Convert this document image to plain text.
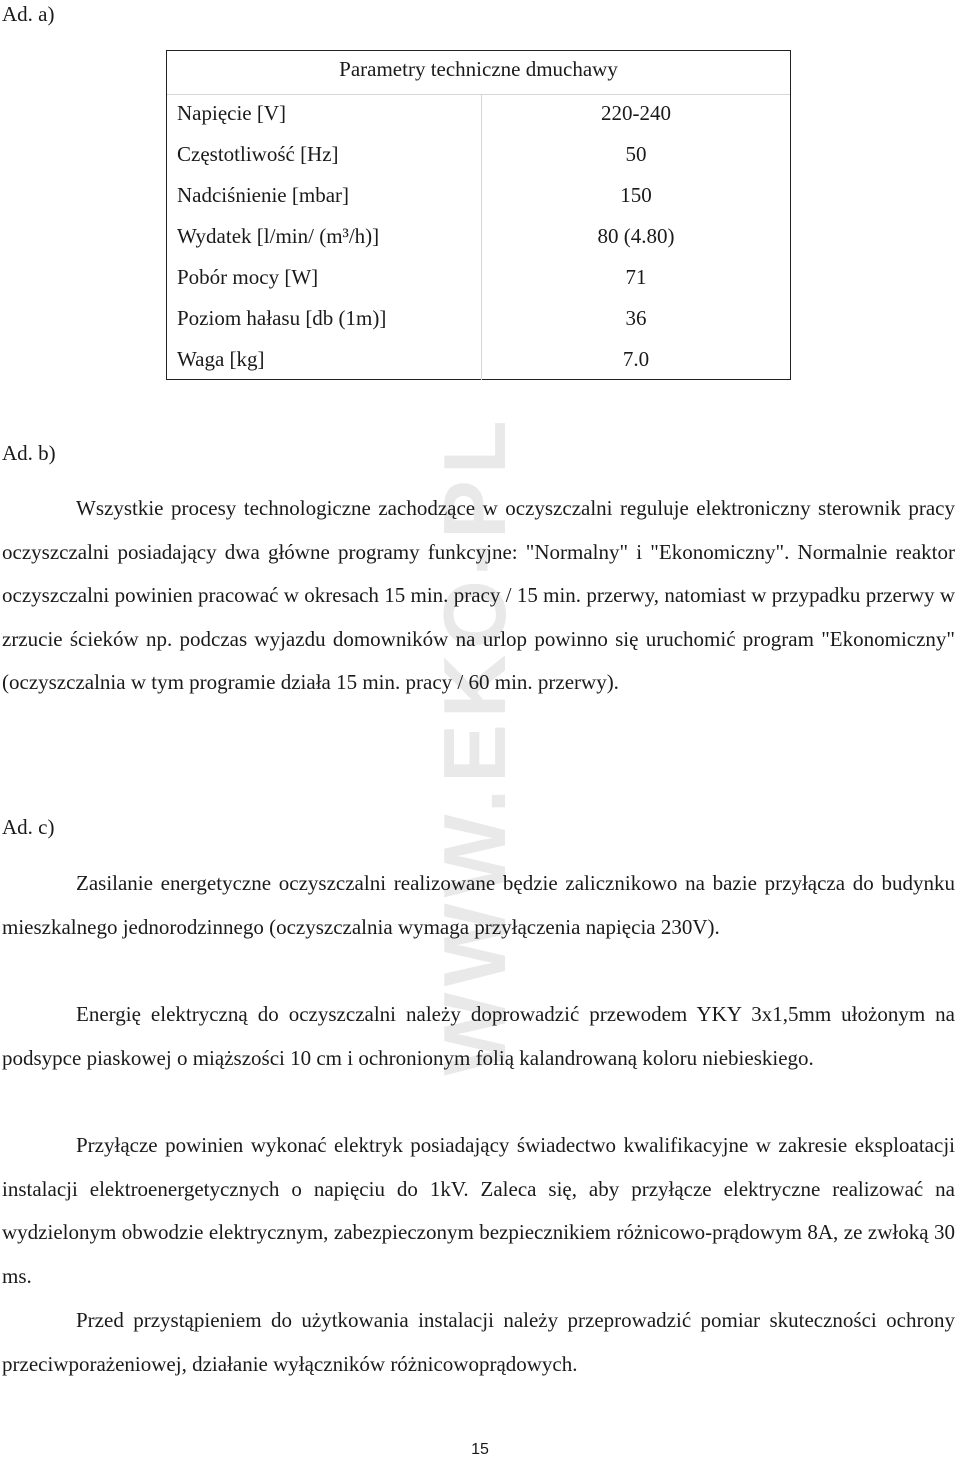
WWW.EKO-PL
Ad. a)
Parametry techniczne dmuchawy
Napięcie [V]	220-240
Częstotliwość [Hz]	50
Nadciśnienie [mbar]	150
Wydatek [l/min/ (m³/h)]	80 (4.80)
Pobór mocy [W]	71
Poziom hałasu [db (1m)]	36
Waga [kg]	7.0
Ad. b)

Wszystkie procesy technologiczne zachodzące w oczyszczalni reguluje elektroniczny sterownik pracy oczyszczalni posiadający dwa główne programy funkcyjne: "Normalny" i "Ekonomiczny". Normalnie reaktor oczyszczalni powinien pracować w okresach 15 min. pracy / 15 min. przerwy, natomiast w przypadku przerwy w zrzucie ścieków np. podczas wyjazdu domowników na urlop powinno się uruchomić program "Ekonomiczny" (oczyszczalnia w tym programie działa 15 min. pracy / 60 min. przerwy).

Ad. c)

Zasilanie energetyczne oczyszczalni realizowane będzie zalicznikowo na bazie przyłącza do budynku mieszkalnego jednorodzinnego (oczyszczalnia wymaga przyłączenia napięcia 230V).

Energię elektryczną do oczyszczalni należy doprowadzić przewodem YKY 3x1,5mm ułożonym na podsypce piaskowej o miąższości 10 cm i ochronionym folią kalandrowaną koloru niebieskiego.

Przyłącze powinien wykonać elektryk posiadający świadectwo kwalifikacyjne w zakresie eksploatacji instalacji elektroenergetycznych o napięciu do 1kV. Zaleca się, aby przyłącze elektryczne realizować na wydzielonym obwodzie elektrycznym, zabezpieczonym bezpiecznikiem różnicowo-prądowym 8A, ze zwłoką 30 ms.

Przed przystąpieniem do użytkowania instalacji należy przeprowadzić pomiar skuteczności ochrony przeciwporażeniowej, działanie wyłączników różnicowoprądowych.

15
